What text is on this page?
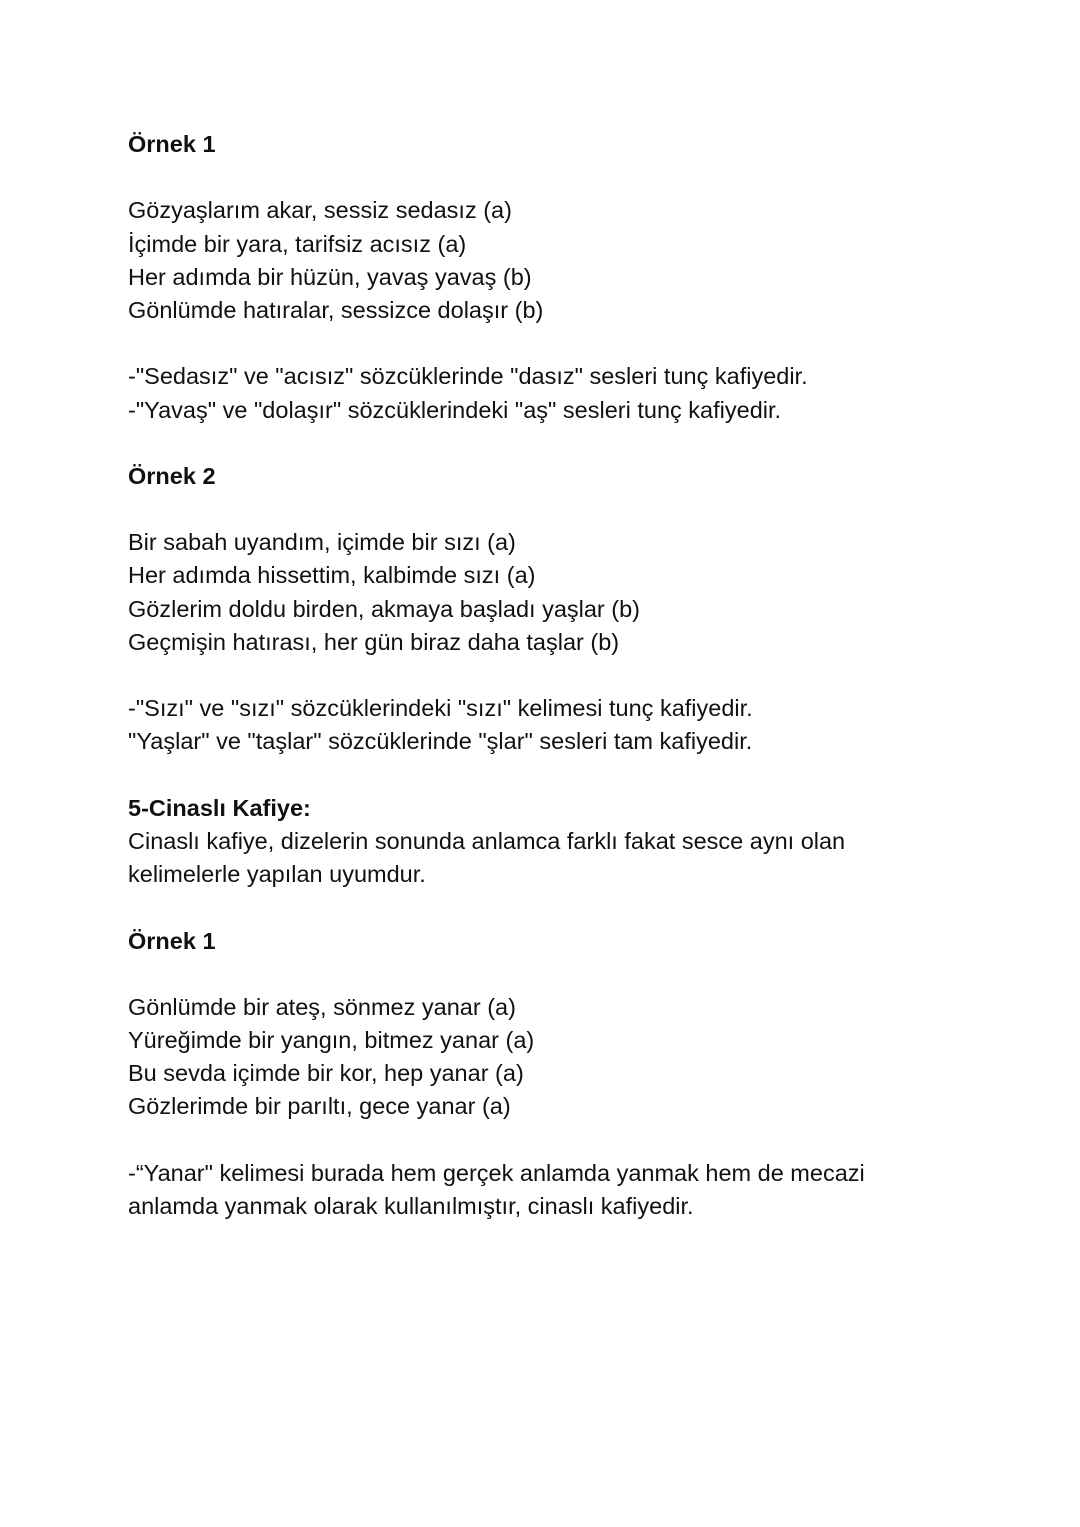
Örnek 1
Gözyaşlarım akar, sessiz sedasız (a)
İçimde bir yara, tarifsiz acısız (a)
Her adımda bir hüzün, yavaş yavaş (b)
Gönlümde hatıralar, sessizce dolaşır (b)
-"Sedasız" ve "acısız" sözcüklerinde "dasız" sesleri tunç kafiyedir.
-"Yavaş" ve "dolaşır" sözcüklerindeki "aş" sesleri tunç kafiyedir.
Örnek 2
Bir sabah uyandım, içimde bir sızı (a)
Her adımda hissettim, kalbimde sızı (a)
Gözlerim doldu birden, akmaya başladı yaşlar (b)
Geçmişin hatırası, her gün biraz daha taşlar (b)
-"Sızı" ve "sızı" sözcüklerindeki "sızı" kelimesi tunç kafiyedir.
"Yaşlar" ve "taşlar" sözcüklerinde "şlar" sesleri tam kafiyedir.
5-Cinaslı Kafiye:
Cinaslı kafiye, dizelerin sonunda anlamca farklı fakat sesce aynı olan
kelimelerle yapılan uyumdur.
Örnek 1
Gönlümde bir ateş, sönmez yanar (a)
Yüreğimde bir yangın, bitmez yanar (a)
Bu sevda içimde bir kor, hep yanar (a)
Gözlerimde bir parıltı, gece yanar (a)
-“Yanar" kelimesi burada hem gerçek anlamda yanmak hem de mecazi
anlamda yanmak olarak kullanılmıştır, cinaslı kafiyedir.
